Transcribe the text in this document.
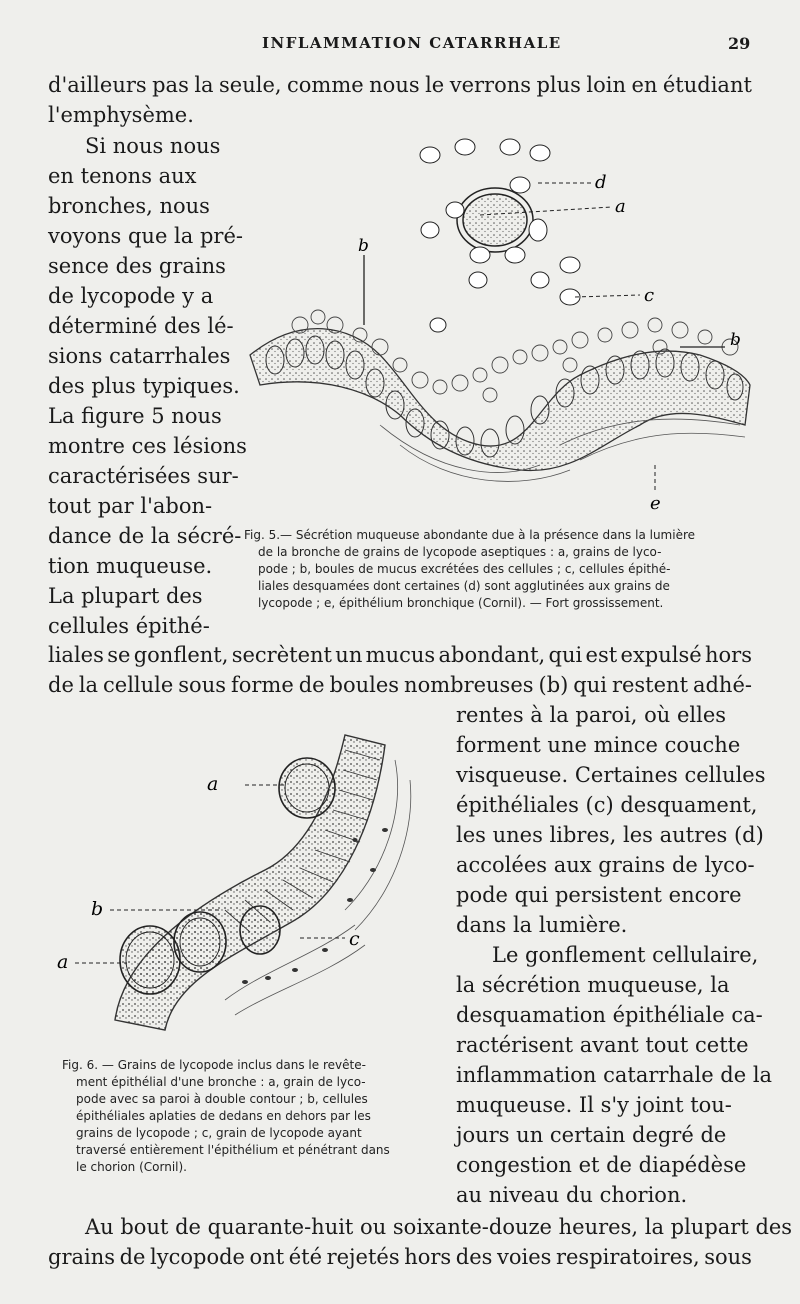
INFLAMMATION CATARRHALE	29
d'ailleurs pas la seule, comme nous le verrons plus loin en étudiant
l'emphysème.
Si nous nous
en tenons aux
bronches, nous
voyons que la pré-
sence des grains
de lycopode y a
déterminé des lé-
sions catarrhales
des plus typiques.
La figure 5 nous
montre ces lésions
caractérisées sur-
tout par l'abon-
dance de la sécré-
tion muqueuse.
La plupart des
cellules épithé-
d
a
b
c
b
e
Fig. 5.— Sécrétion muqueuse abondante due à la présence dans la lumière
de la bronche de grains de lycopode aseptiques : a, grains de lyco-
pode ; b, boules de mucus excrétées des cellules ; c, cellules épithé-
liales desquamées dont certaines (d) sont agglutinées aux grains de
lycopode ; e, épithélium bronchique (Cornil). — Fort grossissement.
liales se gonflent, secrètent un mucus abondant, qui est expulsé hors
de la cellule sous forme de boules nombreuses (b) qui restent adhé-
rentes à la paroi, où elles
forment une mince couche
visqueuse. Certaines cellules
épithéliales (c) desquament,
les unes libres, les autres (d)
accolées aux grains de lyco-
pode qui persistent encore
dans la lumière.
Le gonflement cellulaire,
la sécrétion muqueuse, la
desquamation épithéliale ca-
ractérisent avant tout cette
inflammation catarrhale de la
muqueuse. Il s'y joint tou-
jours un certain degré de
congestion et de diapédèse
au niveau du chorion.
a
b
a
c
Fig. 6. — Grains de lycopode inclus dans le revête-
ment épithélial d'une bronche : a, grain de lyco-
pode avec sa paroi à double contour ; b, cellules
épithéliales aplaties de dedans en dehors par les
grains de lycopode ; c, grain de lycopode ayant
traversé entièrement l'épithélium et pénétrant dans
le chorion (Cornil).
Au bout de quarante-huit ou soixante-douze heures, la plupart des
grains de lycopode ont été rejetés hors des voies respiratoires, sous
